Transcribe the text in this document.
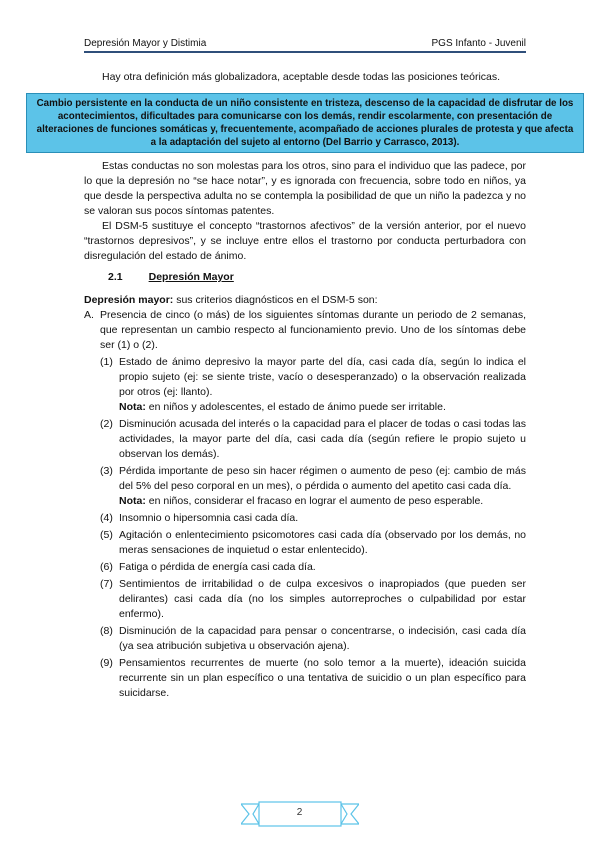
Depresión Mayor y Distimia	PGS Infanto - Juvenil

Hay otra definición más globalizadora, aceptable desde todas las posiciones teóricas.

Cambio persistente en la conducta de un niño consistente en tristeza, descenso de la capacidad de disfrutar de los acontecimientos, dificultades para comunicarse con los demás, rendir escolarmente, con presentación de alteraciones de funciones somáticas y, frecuentemente, acompañado de acciones plurales de protesta y que afecta a la adaptación del sujeto al entorno (Del Barrio y Carrasco, 2013).

Estas conductas no son molestas para los otros, sino para el individuo que las padece, por lo que la depresión no “se hace notar”, y es ignorada con frecuencia, sobre todo en niños, ya que desde la perspectiva adulta no se contempla la posibilidad de que un niño la padezca y no se valoran sus pocos síntomas patentes.

El DSM-5 sustituye el concepto “trastornos afectivos” de la versión anterior, por el nuevo “trastornos depresivos”, y se incluye entre ellos el trastorno por conducta perturbadora con disregulación del estado de ánimo.

2.1 Depresión Mayor

Depresión mayor: sus criterios diagnósticos en el DSM-5 son:

A. Presencia de cinco (o más) de los siguientes síntomas durante un periodo de 2 semanas, que representan un cambio respecto al funcionamiento previo. Uno de los síntomas debe ser (1) o (2).

(1) Estado de ánimo depresivo la mayor parte del día, casi cada día, según lo indica el propio sujeto (ej: se siente triste, vacío o desesperanzado) o la observación realizada por otros (ej: llanto).

Nota: en niños y adolescentes, el estado de ánimo puede ser irritable.

(2) Disminución acusada del interés o la capacidad para el placer de todas o casi todas las actividades, la mayor parte del día, casi cada día (según refiere le propio sujeto u observan los demás).

(3) Pérdida importante de peso sin hacer régimen o aumento de peso (ej: cambio de más del 5% del peso corporal en un mes), o pérdida o aumento del apetito casi cada día.

Nota: en niños, considerar el fracaso en lograr el aumento de peso esperable.

(4) Insomnio o hipersomnia casi cada día.

(5) Agitación o enlentecimiento psicomotores casi cada día (observado por los demás, no meras sensaciones de inquietud o estar enlentecido).

(6) Fatiga o pérdida de energía casi cada día.

(7) Sentimientos de irritabilidad o de culpa excesivos o inapropiados (que pueden ser delirantes) casi cada día (no los simples autorreproches o culpabilidad por estar enfermo).

(8) Disminución de la capacidad para pensar o concentrarse, o indecisión, casi cada día (ya sea atribución subjetiva u observación ajena).

(9) Pensamientos recurrentes de muerte (no solo temor a la muerte), ideación suicida recurrente sin un plan específico o una tentativa de suicidio o un plan específico para suicidarse.

2
